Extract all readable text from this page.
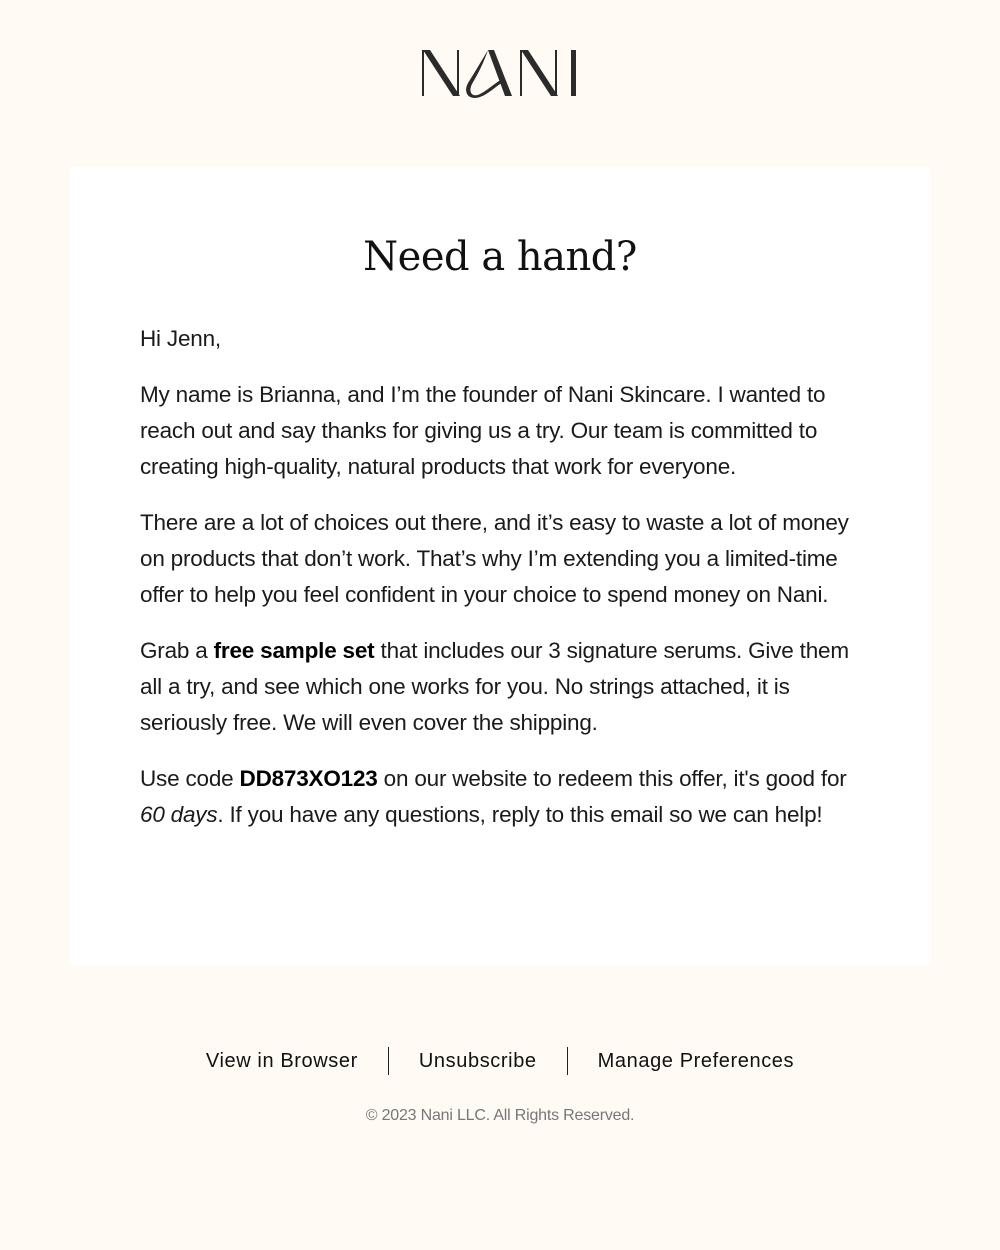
Need a hand?

Hi Jenn,

My name is Brianna, and I’m the founder of Nani Skincare. I wanted to reach out and say thanks for giving us a try. Our team is committed to creating high-quality, natural products that work for everyone.

There are a lot of choices out there, and it’s easy to waste a lot of money on products that don’t work. That’s why I’m extending you a limited-time offer to help you feel confident in your choice to spend money on Nani.

Grab a free sample set that includes our 3 signature serums. Give them all a try, and see which one works for you. No strings attached, it is seriously free. We will even cover the shipping.

Use code DD873XO123 on our website to redeem this offer, it's good for 60 days. If you have any questions, reply to this email so we can help!

View in Browser	Unsubscribe	Manage Preferences
© 2023 Nani LLC. All Rights Reserved.
